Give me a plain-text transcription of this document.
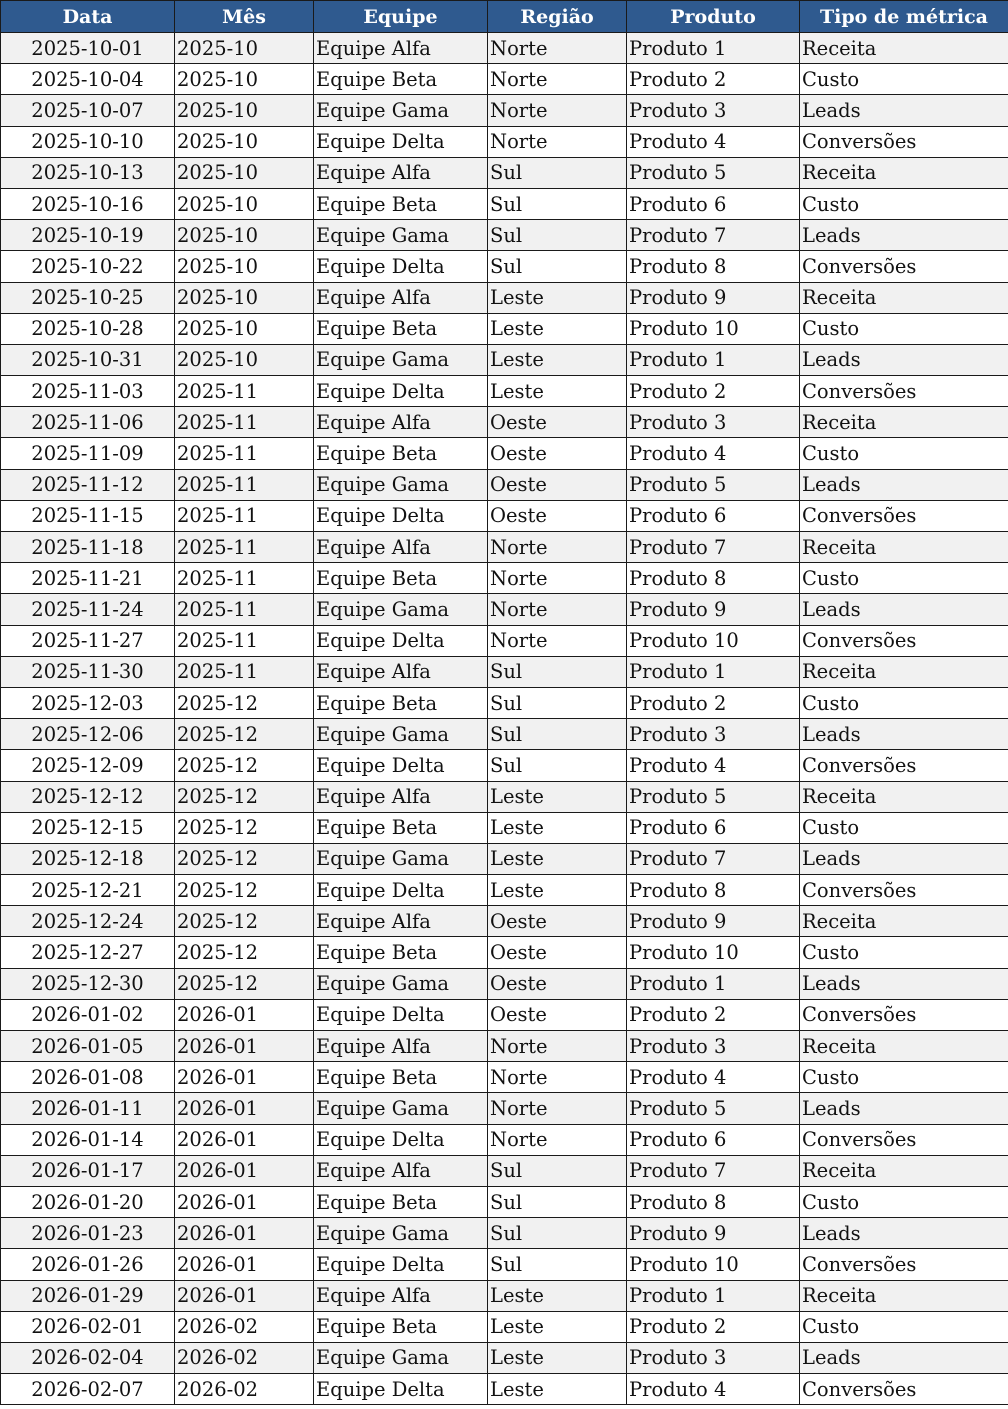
Data	Mês	Equipe	Região	Produto	Tipo de métrica
2025-10-01	2025-10	Equipe Alfa	Norte	Produto 1	Receita
2025-10-04	2025-10	Equipe Beta	Norte	Produto 2	Custo
2025-10-07	2025-10	Equipe Gama	Norte	Produto 3	Leads
2025-10-10	2025-10	Equipe Delta	Norte	Produto 4	Conversões
2025-10-13	2025-10	Equipe Alfa	Sul	Produto 5	Receita
2025-10-16	2025-10	Equipe Beta	Sul	Produto 6	Custo
2025-10-19	2025-10	Equipe Gama	Sul	Produto 7	Leads
2025-10-22	2025-10	Equipe Delta	Sul	Produto 8	Conversões
2025-10-25	2025-10	Equipe Alfa	Leste	Produto 9	Receita
2025-10-28	2025-10	Equipe Beta	Leste	Produto 10	Custo
2025-10-31	2025-10	Equipe Gama	Leste	Produto 1	Leads
2025-11-03	2025-11	Equipe Delta	Leste	Produto 2	Conversões
2025-11-06	2025-11	Equipe Alfa	Oeste	Produto 3	Receita
2025-11-09	2025-11	Equipe Beta	Oeste	Produto 4	Custo
2025-11-12	2025-11	Equipe Gama	Oeste	Produto 5	Leads
2025-11-15	2025-11	Equipe Delta	Oeste	Produto 6	Conversões
2025-11-18	2025-11	Equipe Alfa	Norte	Produto 7	Receita
2025-11-21	2025-11	Equipe Beta	Norte	Produto 8	Custo
2025-11-24	2025-11	Equipe Gama	Norte	Produto 9	Leads
2025-11-27	2025-11	Equipe Delta	Norte	Produto 10	Conversões
2025-11-30	2025-11	Equipe Alfa	Sul	Produto 1	Receita
2025-12-03	2025-12	Equipe Beta	Sul	Produto 2	Custo
2025-12-06	2025-12	Equipe Gama	Sul	Produto 3	Leads
2025-12-09	2025-12	Equipe Delta	Sul	Produto 4	Conversões
2025-12-12	2025-12	Equipe Alfa	Leste	Produto 5	Receita
2025-12-15	2025-12	Equipe Beta	Leste	Produto 6	Custo
2025-12-18	2025-12	Equipe Gama	Leste	Produto 7	Leads
2025-12-21	2025-12	Equipe Delta	Leste	Produto 8	Conversões
2025-12-24	2025-12	Equipe Alfa	Oeste	Produto 9	Receita
2025-12-27	2025-12	Equipe Beta	Oeste	Produto 10	Custo
2025-12-30	2025-12	Equipe Gama	Oeste	Produto 1	Leads
2026-01-02	2026-01	Equipe Delta	Oeste	Produto 2	Conversões
2026-01-05	2026-01	Equipe Alfa	Norte	Produto 3	Receita
2026-01-08	2026-01	Equipe Beta	Norte	Produto 4	Custo
2026-01-11	2026-01	Equipe Gama	Norte	Produto 5	Leads
2026-01-14	2026-01	Equipe Delta	Norte	Produto 6	Conversões
2026-01-17	2026-01	Equipe Alfa	Sul	Produto 7	Receita
2026-01-20	2026-01	Equipe Beta	Sul	Produto 8	Custo
2026-01-23	2026-01	Equipe Gama	Sul	Produto 9	Leads
2026-01-26	2026-01	Equipe Delta	Sul	Produto 10	Conversões
2026-01-29	2026-01	Equipe Alfa	Leste	Produto 1	Receita
2026-02-01	2026-02	Equipe Beta	Leste	Produto 2	Custo
2026-02-04	2026-02	Equipe Gama	Leste	Produto 3	Leads
2026-02-07	2026-02	Equipe Delta	Leste	Produto 4	Conversões
